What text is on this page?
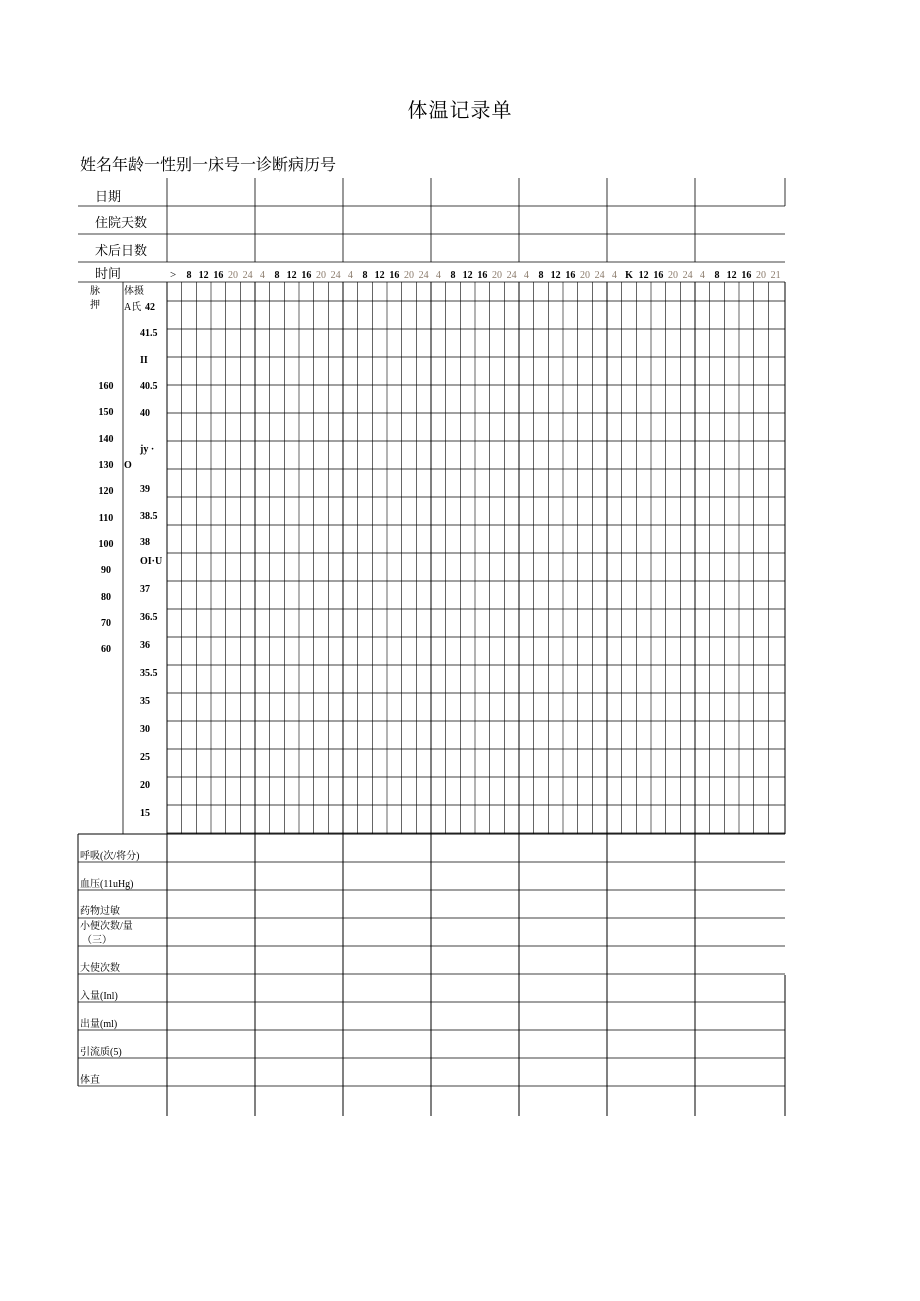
体温记录单
姓名年龄一性别一床号一诊断病历号
日期
住院天数
术后日数
时间	> 8 12 16 20 24 4 8 12 16 20 24 4 8 12 16 20 24 4 8 12 16 20 24 4 8 12 16 20 24 4 K 12 16 20 24 4 8 12 16 20 21
脉
押
体摄
A氏 42
41.5
II
40.5
40
jy ·
O
39
38.5
38
OI·U
37
36.5
36
35.5
35
30
25
20
15
160
150
140
130
120
110
100
90
80
70
60
呼吸(次/将分)
血压(11uHg)
药物过敏
小便次数/量
（三）
大使次数
入量(Inl)
出量(ml)
引流质(5)
体直
